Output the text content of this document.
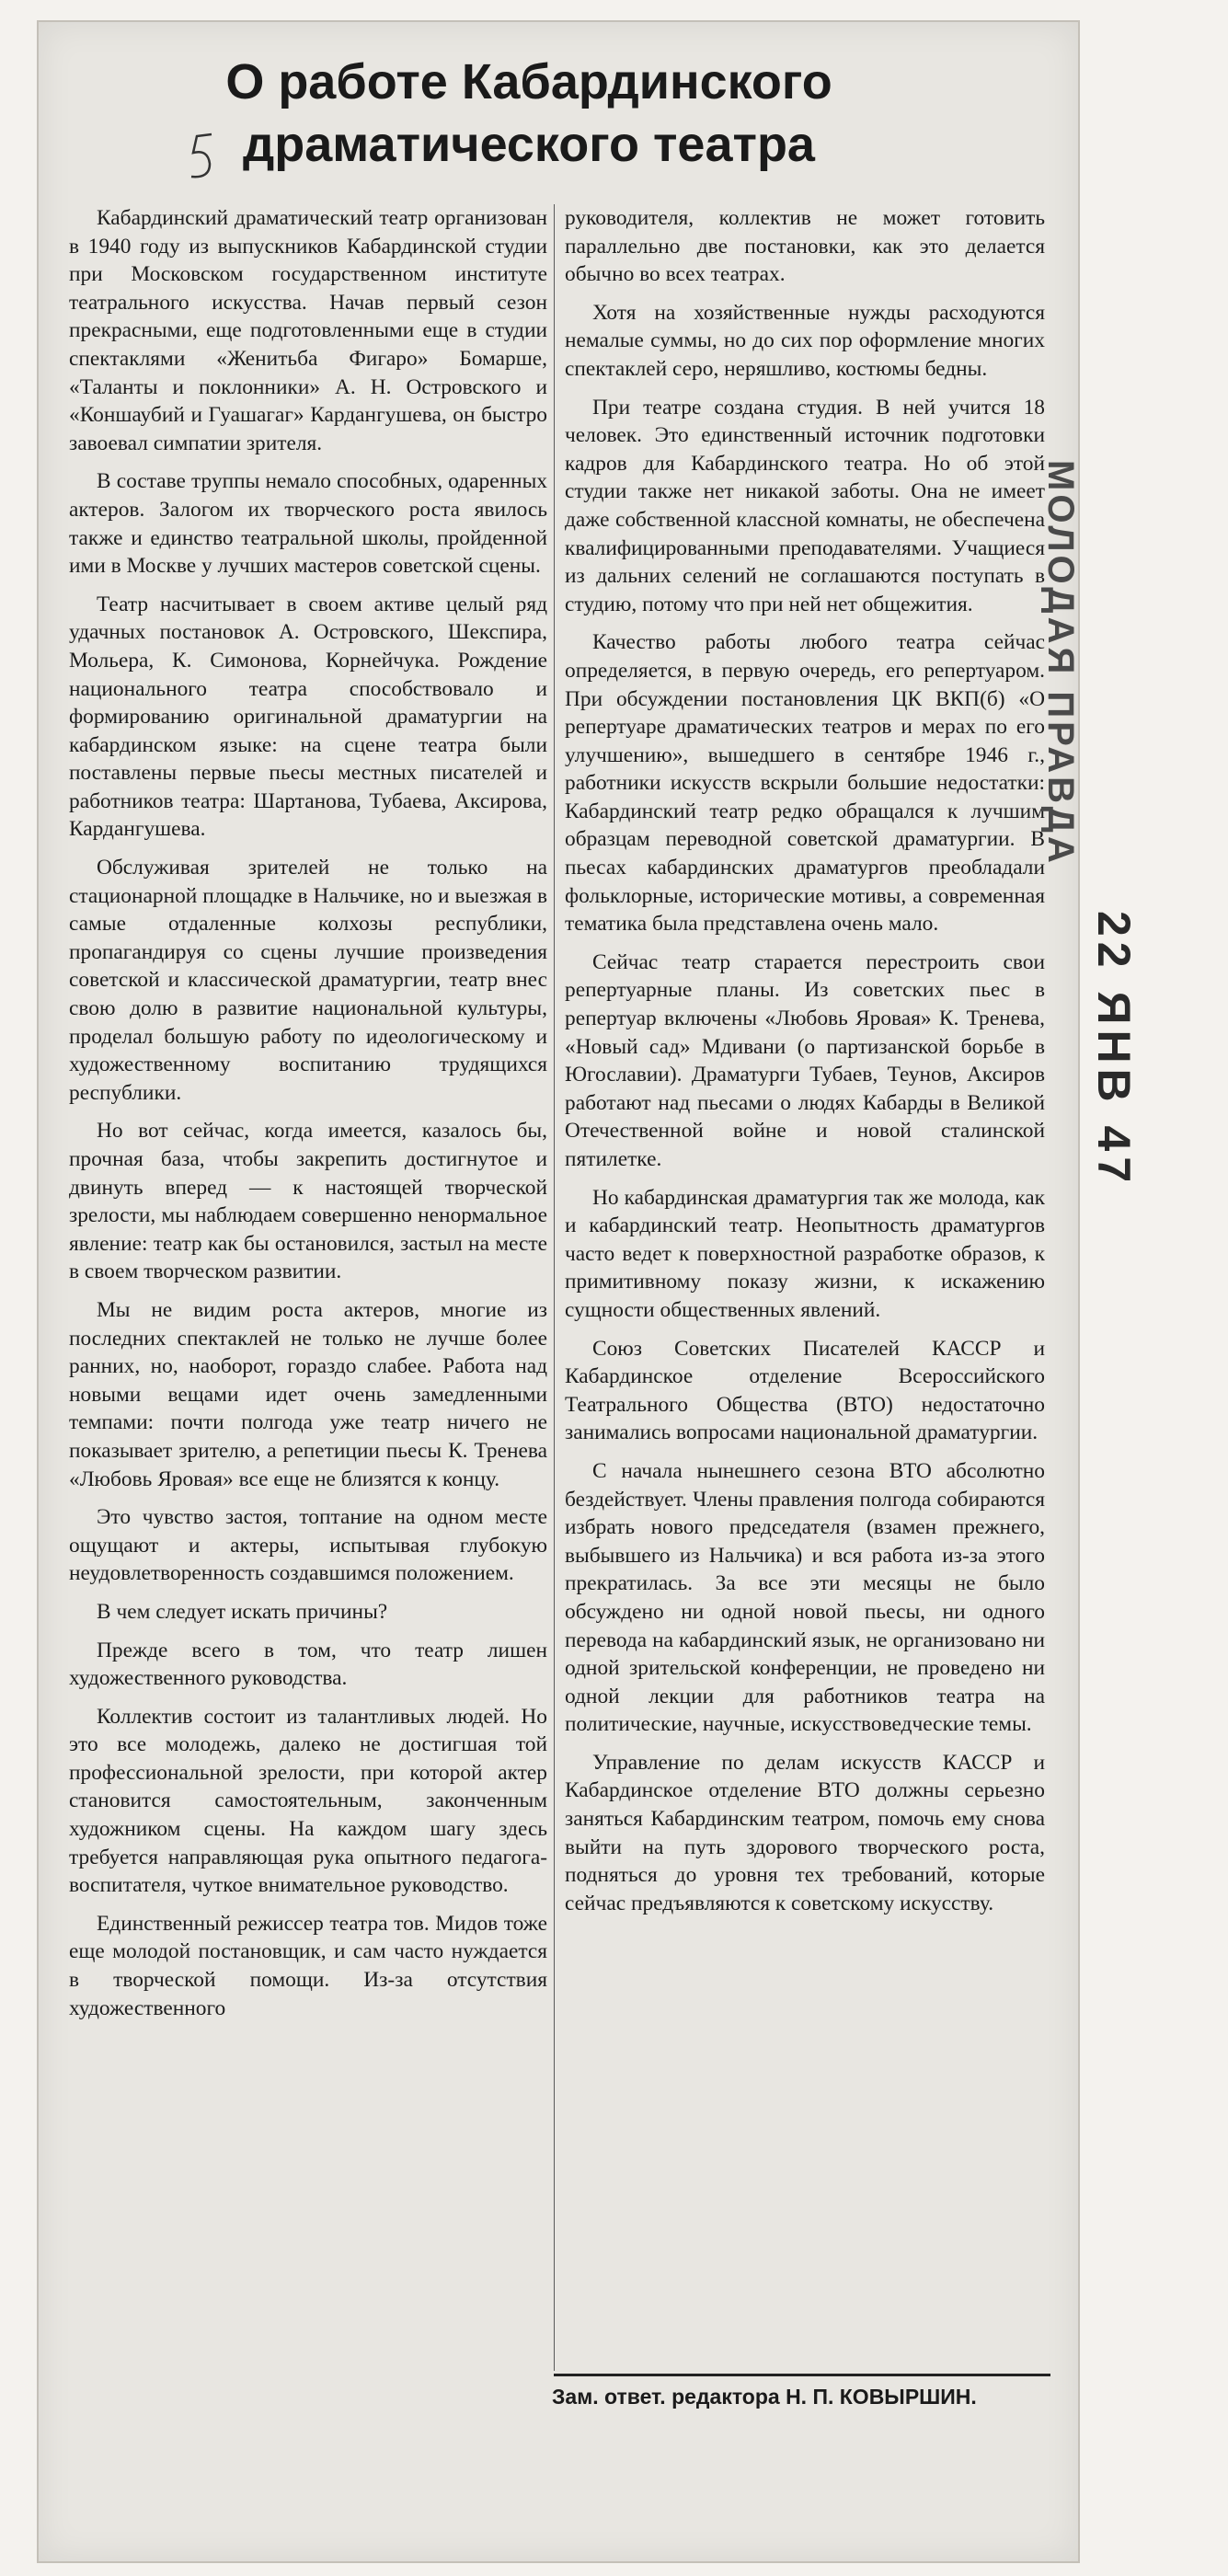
О работе Кабардинского
драматического театра

Кабардинский драматический театр организован в 1940 году из выпускников Кабардинской студии при Московском государственном институте театрального искусства. Начав первый сезон прекрасными, еще подготовленными еще в студии спектаклями «Женитьба Фигаро» Бомарше, «Таланты и поклонники» А. Н. Островского и «Коншаубий и Гуашагаг» Кардангушева, он быстро завоевал симпатии зрителя.

В составе труппы немало способных, одаренных актеров. Залогом их творческого роста явилось также и единство театральной школы, пройденной ими в Москве у лучших мастеров советской сцены.

Театр насчитывает в своем активе целый ряд удачных постановок А. Островского, Шекспира, Мольера, К. Симонова, Корнейчука. Рождение национального театра способствовало и формированию оригинальной драматургии на кабардинском языке: на сцене театра были поставлены первые пьесы местных писателей и работников театра: Шартанова, Тубаева, Аксирова, Кардангушева.

Обслуживая зрителей не только на стационарной площадке в Нальчике, но и выезжая в самые отдаленные колхозы республики, пропагандируя со сцены лучшие произведения советской и классической драматургии, театр внес свою долю в развитие национальной культуры, проделал большую работу по идеологическому и художественному воспитанию трудящихся республики.

Но вот сейчас, когда имеется, казалось бы, прочная база, чтобы закрепить достигнутое и двинуть вперед — к настоящей творческой зрелости, мы наблюдаем совершенно ненормальное явление: театр как бы остановился, застыл на месте в своем творческом развитии.

Мы не видим роста актеров, многие из последних спектаклей не только не лучше более ранних, но, наоборот, гораздо слабее. Работа над новыми вещами идет очень замедленными темпами: почти полгода уже театр ничего не показывает зрителю, а репетиции пьесы К. Тренева «Любовь Яровая» все еще не близятся к концу.

Это чувство застоя, топтание на одном месте ощущают и актеры, испытывая глубокую неудовлетворенность создавшимся положением.

В чем следует искать причины?

Прежде всего в том, что театр лишен художественного руководства.

Коллектив состоит из талантливых людей. Но это все молодежь, далеко не достигшая той профессиональной зрелости, при которой актер становится самостоятельным, законченным художником сцены. На каждом шагу здесь требуется направляющая рука опытного педагога-воспитателя, чуткое внимательное руководство.

Единственный режиссер театра тов. Мидов тоже еще молодой постановщик, и сам часто нуждается в творческой помощи. Из-за отсутствия художественного

руководителя, коллектив не может готовить параллельно две постановки, как это делается обычно во всех театрах.

Хотя на хозяйственные нужды расходуются немалые суммы, но до сих пор оформление многих спектаклей серо, неряшливо, костюмы бедны.

При театре создана студия. В ней учится 18 человек. Это единственный источник подготовки кадров для Кабардинского театра. Но об этой студии также нет никакой заботы. Она не имеет даже собственной классной комнаты, не обеспечена квалифицированными преподавателями. Учащиеся из дальних селений не соглашаются поступать в студию, потому что при ней нет общежития.

Качество работы любого театра сейчас определяется, в первую очередь, его репертуаром. При обсуждении постановления ЦК ВКП(б) «О репертуаре драматических театров и мерах по его улучшению», вышедшего в сентябре 1946 г., работники искусств вскрыли большие недостатки: Кабардинский театр редко обращался к лучшим образцам переводной советской драматургии. В пьесах кабардинских драматургов преобладали фольклорные, исторические мотивы, а современная тематика была представлена очень мало.

Сейчас театр старается перестроить свои репертуарные планы. Из советских пьес в репертуар включены «Любовь Яровая» К. Тренева, «Новый сад» Мдивани (о партизанской борьбе в Югославии). Драматурги Тубаев, Теунов, Аксиров работают над пьесами о людях Кабарды в Великой Отечественной войне и новой сталинской пятилетке.

Но кабардинская драматургия так же молода, как и кабардинский театр. Неопытность драматургов часто ведет к поверхностной разработке образов, к примитивному показу жизни, к искажению сущности общественных явлений.

Союз Советских Писателей КАССР и Кабардинское отделение Всероссийского Театрального Общества (ВТО) недостаточно занимались вопросами национальной драматургии.

С начала нынешнего сезона ВТО абсолютно бездействует. Члены правления полгода собираются избрать нового председателя (взамен прежнего, выбывшего из Нальчика) и вся работа из-за этого прекратилась. За все эти месяцы не было обсуждено ни одной новой пьесы, ни одного перевода на кабардинский язык, не организовано ни одной зрительской конференции, не проведено ни одной лекции для работников театра на политические, научные, искусствоведческие темы.

Управление по делам искусств КАССР и Кабардинское отделение ВТО должны серьезно заняться Кабардинским театром, помочь ему снова выйти на путь здорового творческого роста, подняться до уровня тех требований, которые сейчас предъявляются к советскому искусству.

Зам. ответ. редактора Н. П. КОВЫРШИН.
МОЛОДАЯ ПРАВДА
22 ЯНВ 47
